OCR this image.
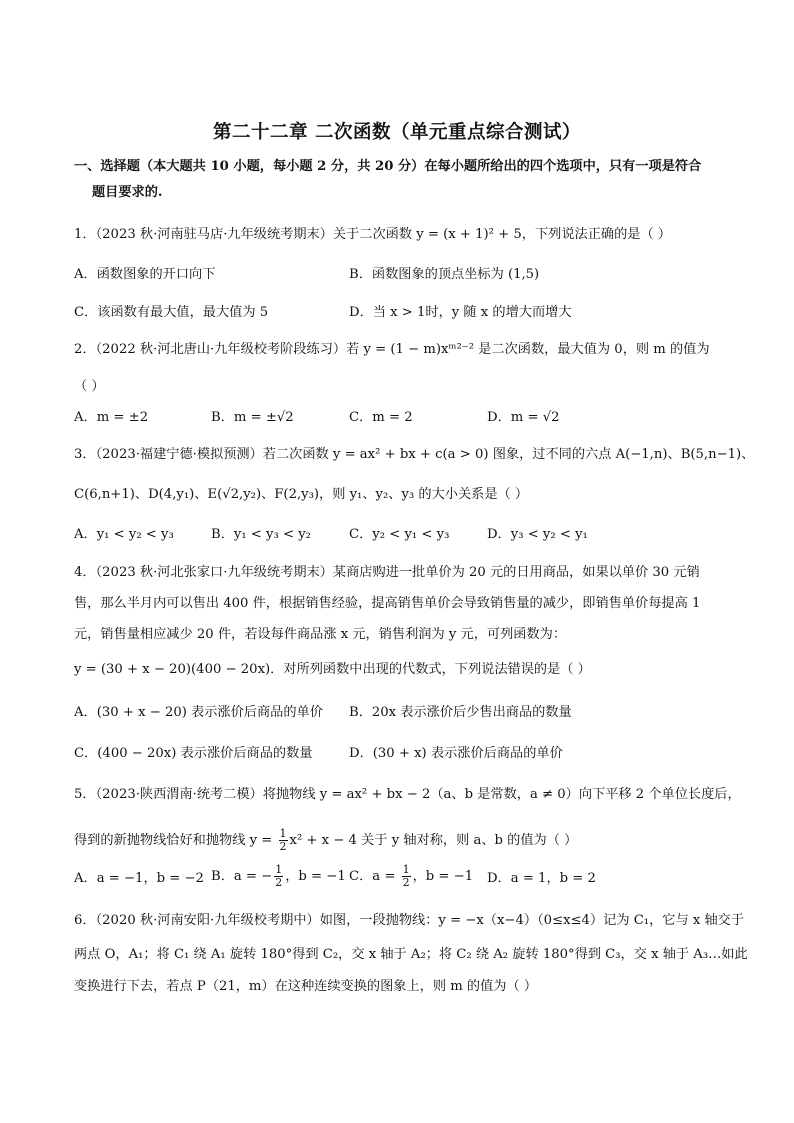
第二十二章 二次函数（单元重点综合测试）
一、选择题（本大题共 10 小题，每小题 2 分，共 20 分）在每小题所给出的四个选项中，只有一项是符合
题目要求的.
1．（2023 秋·河南驻马店·九年级统考期末）关于二次函数 y = (x + 1)² + 5，下列说法正确的是（ ）
A．函数图象的开口向下	B．函数图象的顶点坐标为 (1,5)
C．该函数有最大值，最大值为 5	D．当 x > 1时，y 随 x 的增大而增大
2．（2022 秋·河北唐山·九年级校考阶段练习）若 y = (1 − m)xᵐ²⁻² 是二次函数，最大值为 0，则 m 的值为
（ ）
A．m = ±2	B．m = ±√2	C．m = 2	D．m = √2
3．（2023·福建宁德·模拟预测）若二次函数 y = ax² + bx + c(a > 0) 图象，过不同的六点 A(−1,n)、B(5,n−1)、
C(6,n+1)、D(4,y₁)、E(√2,y₂)、F(2,y₃)，则 y₁、y₂、y₃ 的大小关系是（ ）
A．y₁ < y₂ < y₃	B．y₁ < y₃ < y₂	C．y₂ < y₁ < y₃	D．y₃ < y₂ < y₁
4．（2023 秋·河北张家口·九年级统考期末）某商店购进一批单价为 20 元的日用商品，如果以单价 30 元销
售，那么半月内可以售出 400 件，根据销售经验，提高销售单价会导致销售量的减少，即销售单价每提高 1
元，销售量相应减少 20 件，若设每件商品涨 x 元，销售利润为 y 元，可列函数为：
y = (30 + x − 20)(400 − 20x)．对所列函数中出现的代数式，下列说法错误的是（ ）
A．(30 + x − 20) 表示涨价后商品的单价 B．20x 表示涨价后少售出商品的数量
C．(400 − 20x) 表示涨价后商品的数量	D．(30 + x) 表示涨价后商品的单价
5．（2023·陕西渭南·统考二模）将抛物线 y = ax² + bx − 2（a、b 是常数，a ≠ 0）向下平移 2 个单位长度后，
得到的新抛物线恰好和抛物线 $y = \frac{1}{2} x^2 + x - 4$ 关于 y 轴对称，则 a、b 的值为（ ）
A．a = −1，b = −2 B．a = − $\frac{1}{2}$ ，b = −1 C．$a = \frac{1}{2}$ ，b = −1 D．a = 1，b = 2
6．（2020 秋·河南安阳·九年级校考期中）如图，一段抛物线：y = −x（x−4）（0≤x≤4）记为 C₁，它与 x 轴交于
两点 O，A₁；将 C₁ 绕 A₁ 旋转 180°得到 C₂，交 x 轴于 A₂；将 C₂ 绕 A₂ 旋转 180°得到 C₃，交 x 轴于 A₃…如此
变换进行下去，若点 P（21，m）在这种连续变换的图象上，则 m 的值为（ ）
